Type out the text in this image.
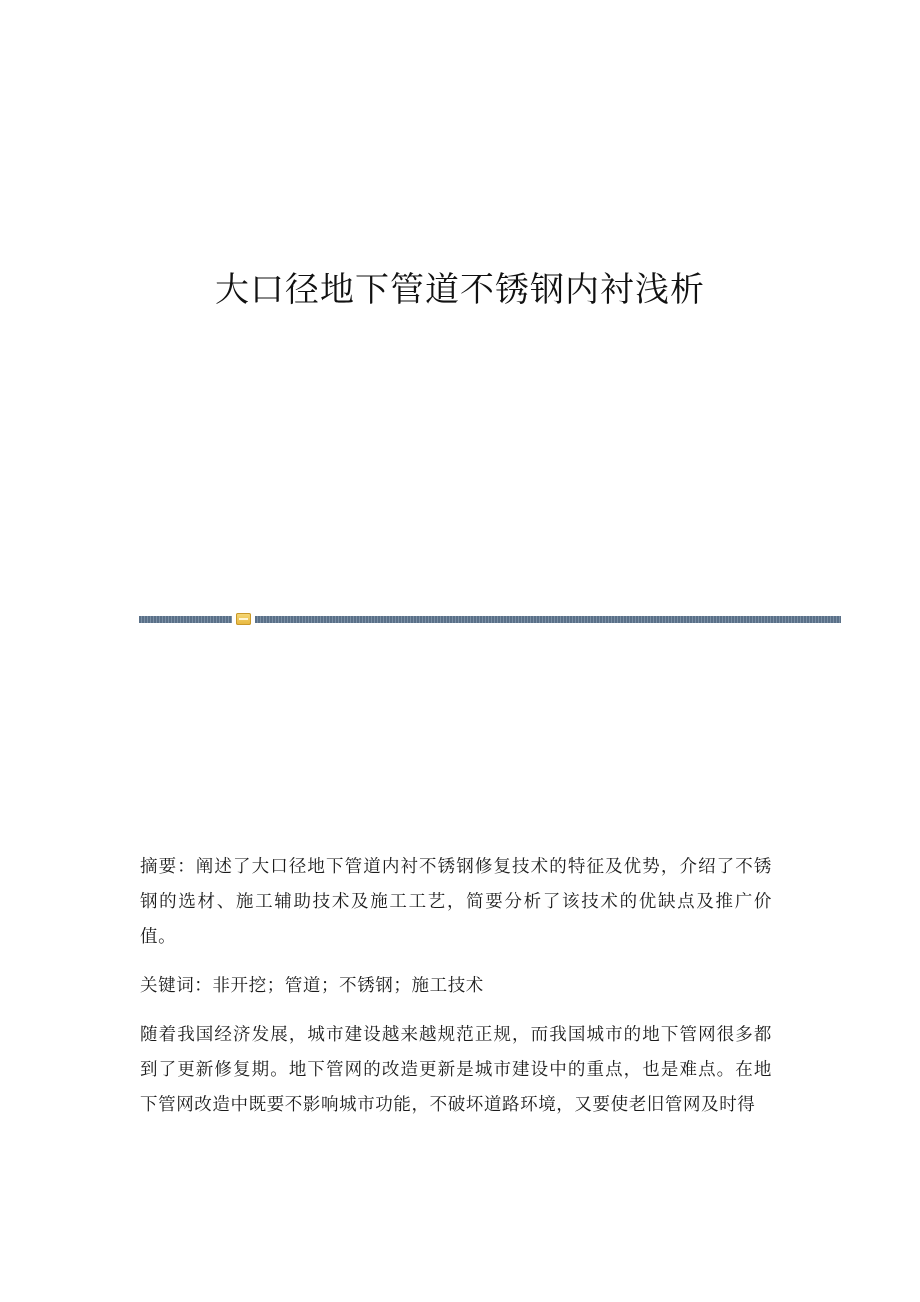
大口径地下管道不锈钢内衬浅析

摘要：阐述了大口径地下管道内衬不锈钢修复技术的特征及优势，介绍了不锈钢的选材、施工辅助技术及施工工艺，简要分析了该技术的优缺点及推广价值。

关键词：非开挖；管道；不锈钢；施工技术

随着我国经济发展，城市建设越来越规范正规，而我国城市的地下管网很多都到了更新修复期。地下管网的改造更新是城市建设中的重点，也是难点。在地下管网改造中既要不影响城市功能，不破坏道路环境，又要使老旧管网及时得
